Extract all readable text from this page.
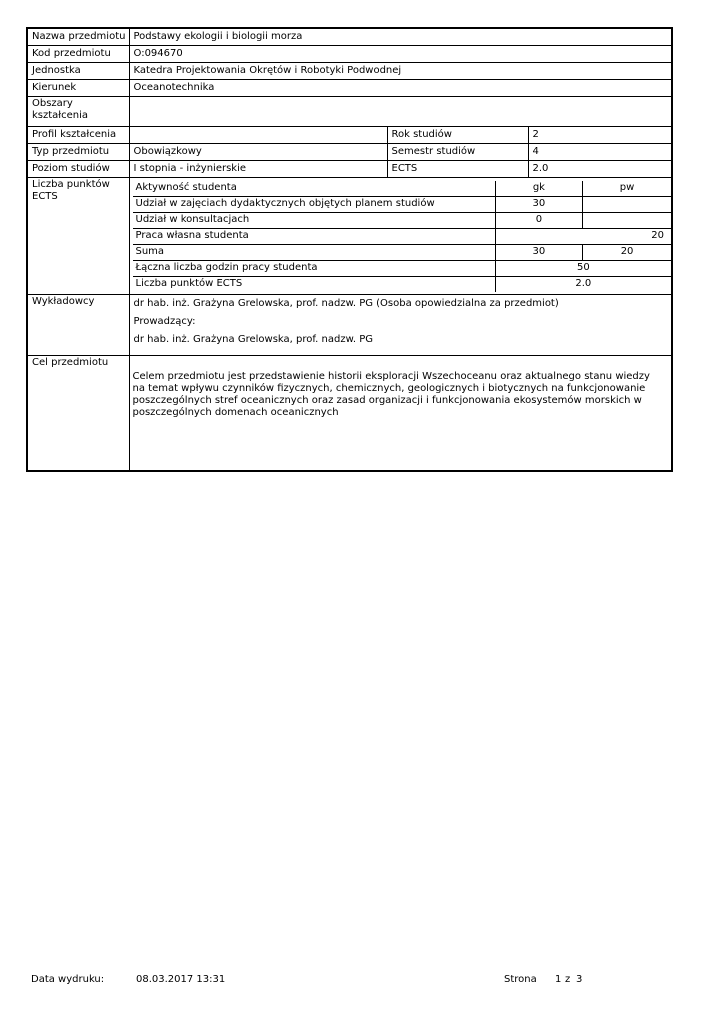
Nazwa przedmiotu	Podstawy ekologii i biologii morza
Kod przedmiotu	O:094670
Jednostka	Katedra Projektowania Okrętów i Robotyki Podwodnej
Kierunek	Oceanotechnika
Obszary kształcenia	
Profil kształcenia		Rok studiów	2
Typ przedmiotu	Obowiązkowy	Semestr studiów	4
Poziom studiów	I stopnia - inżynierskie	ECTS	2.0
Liczba punktów ECTS	
Aktywność studenta	gk	pw
Udział w zajęciach dydaktycznych objętych planem studiów	30	
Udział w konsultacjach	0	
Praca własna studenta	20
Suma	30	20
Łączna liczba godzin pracy studenta	50
Liczba punktów ECTS	2.0

Wykładowcy	dr hab. inż. Grażyna Grelowska, prof. nadzw. PG (Osoba opowiedzialna za przedmiot)

Prowadzący:

dr hab. inż. Grażyna Grelowska, prof. nadzw. PG

Cel przedmiotu	Celem przedmiotu jest przedstawienie historii eksploracji Wszechoceanu oraz aktualnego stanu wiedzy na temat wpływu czynników fizycznych, chemicznych, geologicznych i biotycznych na funkcjonowanie poszczególnych stref oceanicznych oraz zasad organizacji i funkcjonowania ekosystemów morskich w poszczególnych domenach oceanicznych
Data wydruku:	08.03.2017 13:31	Strona 1 z 3
